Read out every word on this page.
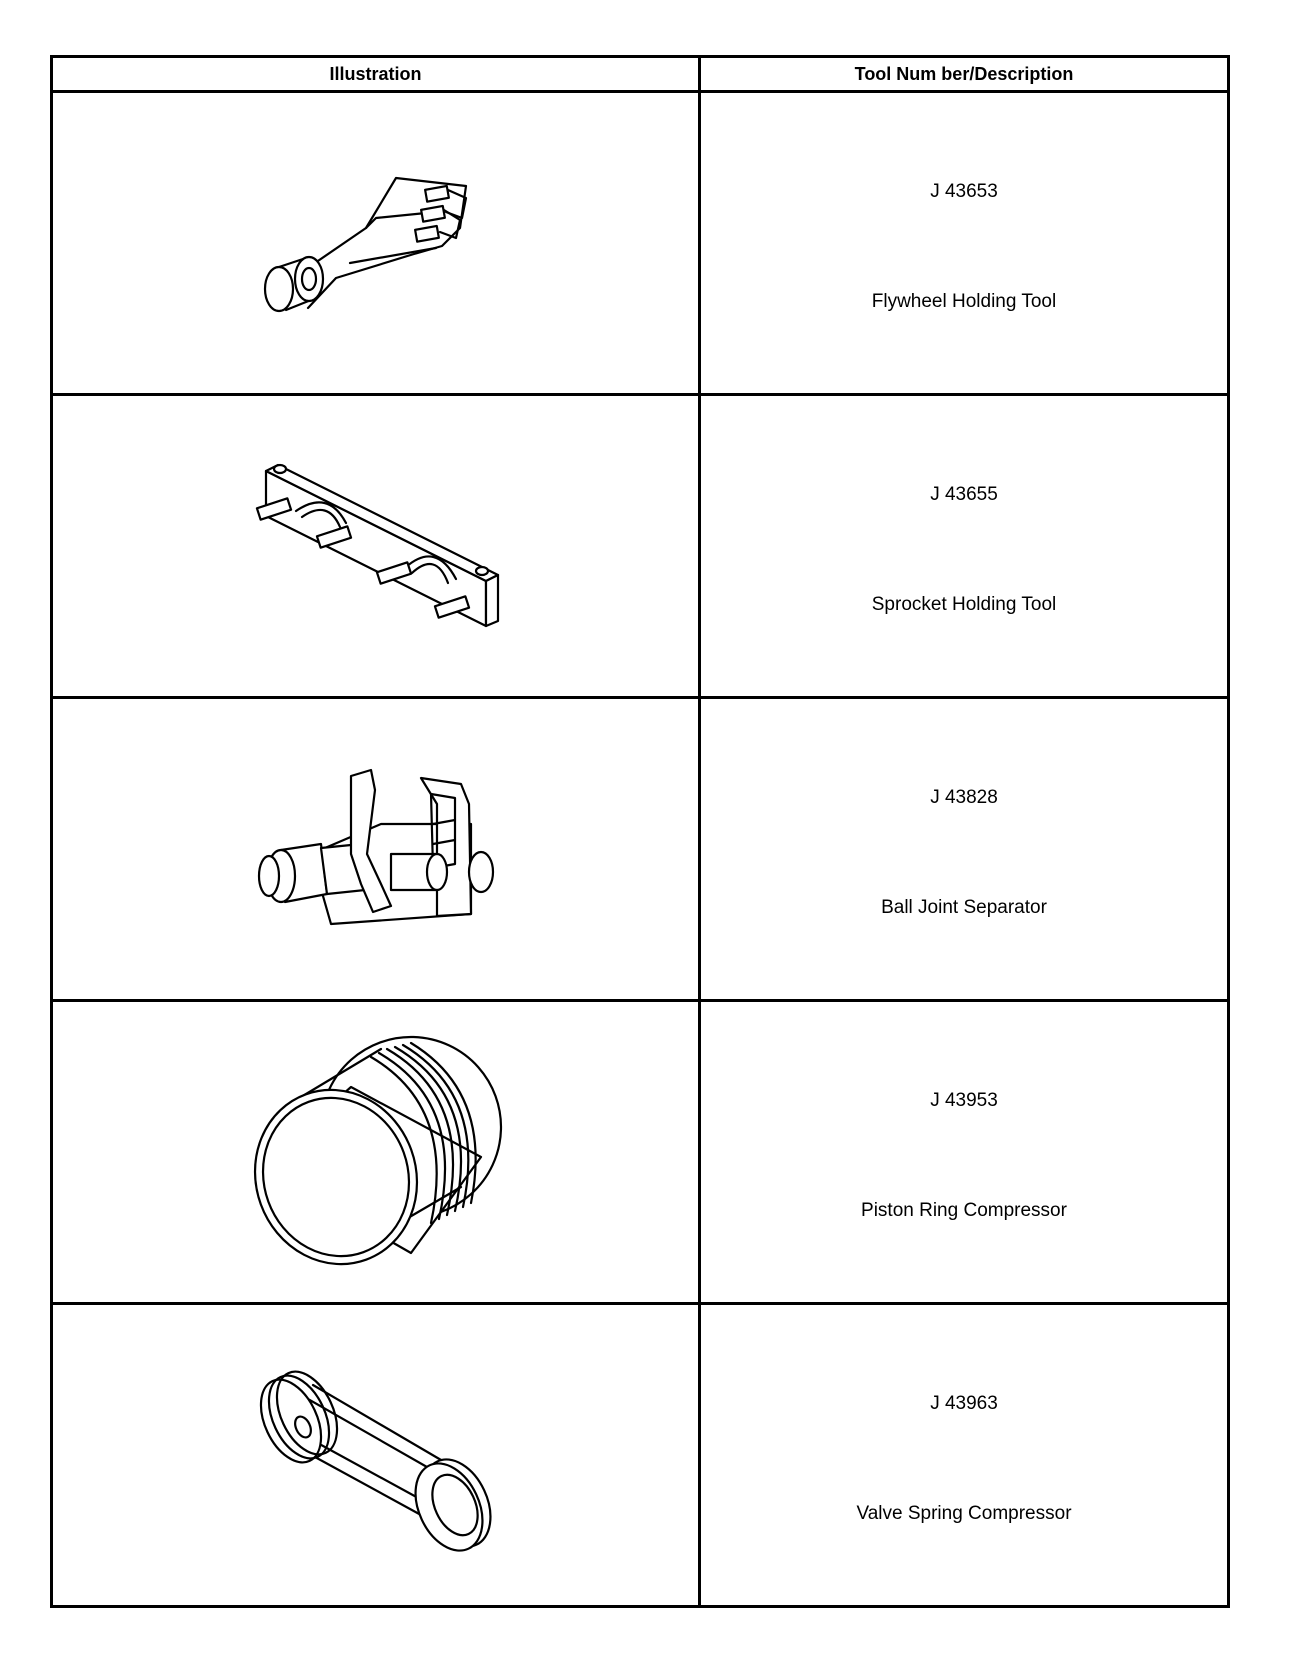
Illustration	Tool Num ber/Description

J 43653
Flywheel Holding Tool

J 43655
Sprocket Holding Tool

J 43828
Ball Joint Separator

J 43953
Piston Ring Compressor

J 43963
Valve Spring Compressor
